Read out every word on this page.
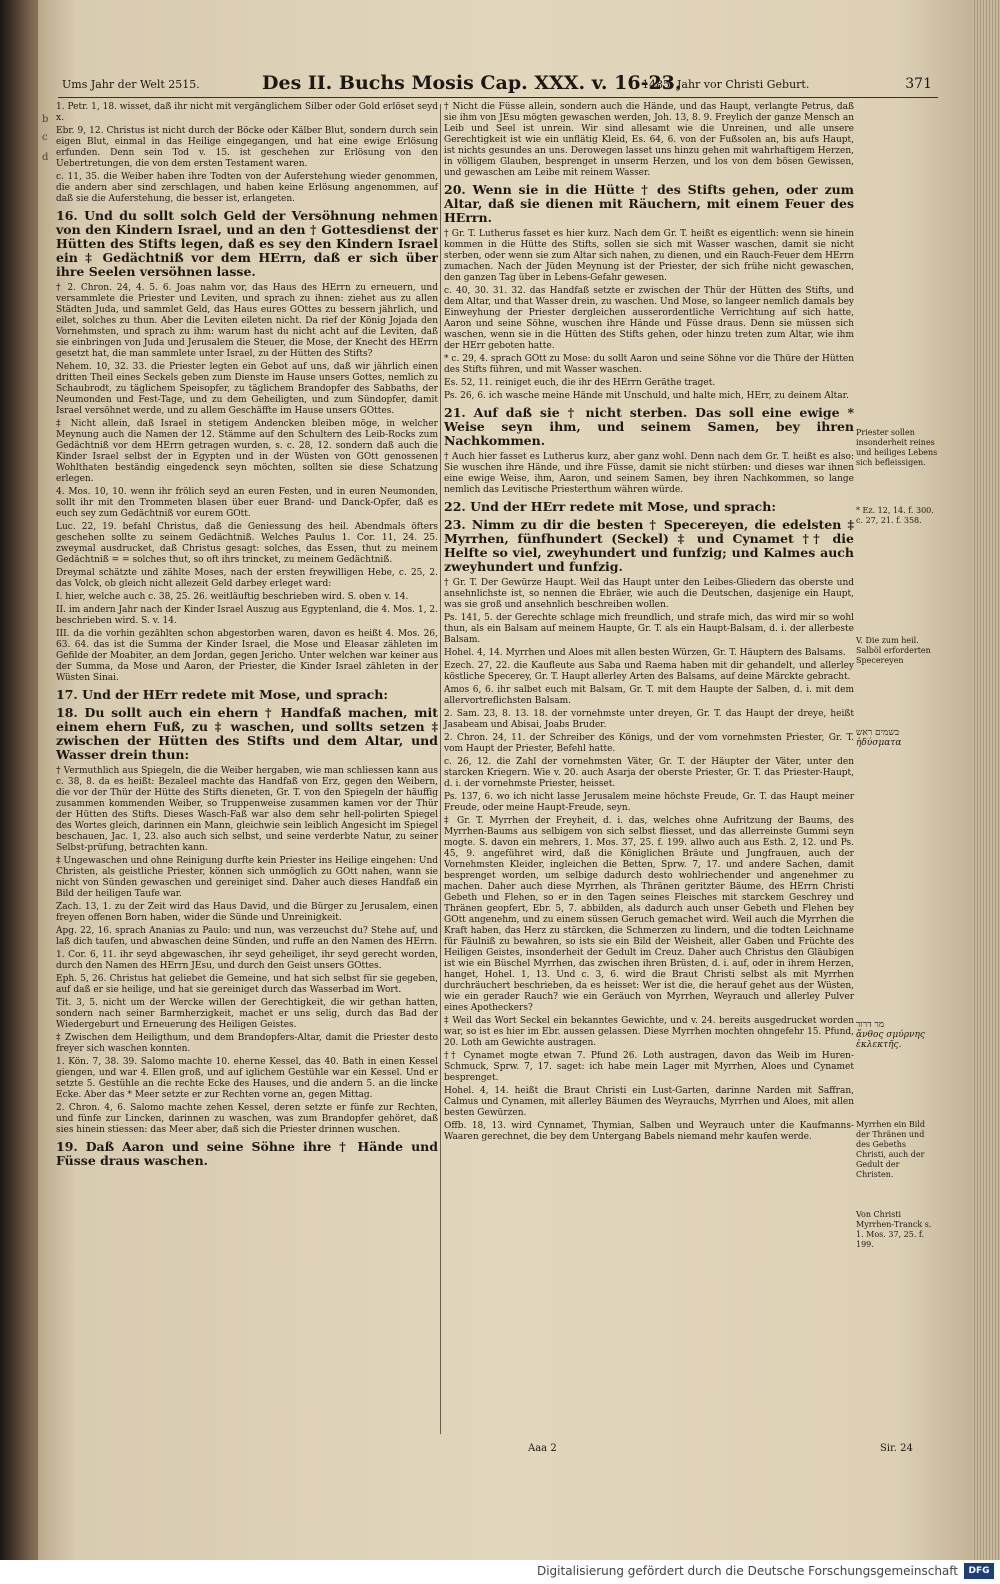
Ums Jahr der Welt 2515.	Des II. Buchs Mosis Cap. XXX. v. 16-23.
1485. Jahr vor Christi Geburt.	371
b
c
d
1. Petr. 1, 18. wisset, daß ihr nicht mit vergänglichem Silber oder Gold erlöset seyd x.
Ebr. 9, 12. Christus ist nicht durch der Böcke oder Kälber Blut, sondern durch sein eigen Blut, einmal in das Heilige eingegangen, und hat eine ewige Erlösung erfunden. Denn sein Tod v. 15. ist geschehen zur Erlösung von den Uebertretungen, die von dem ersten Testament waren.
c. 11, 35. die Weiber haben ihre Todten von der Auferstehung wieder genommen, die andern aber sind zerschlagen, und haben keine Erlösung angenommen, auf daß sie die Auferstehung, die besser ist, erlangeten.
16. Und du sollt solch Geld der Versöhnung nehmen von den Kindern Israel, und an den † Gottesdienst der Hütten des Stifts legen, daß es sey den Kindern Israel ein ‡ Gedächtniß vor dem HErrn, daß er sich über ihre Seelen versöhnen lasse.
† 2. Chron. 24, 4. 5. 6. Joas nahm vor, das Haus des HErrn zu erneuern, und versammlete die Priester und Leviten, und sprach zu ihnen: ziehet aus zu allen Städten Juda, und sammlet Geld, das Haus eures GOttes zu bessern jährlich, und eilet, solches zu thun. Aber die Leviten eileten nicht. Da rief der König Jojada den Vornehmsten, und sprach zu ihm: warum hast du nicht acht auf die Leviten, daß sie einbringen von Juda und Jerusalem die Steuer, die Mose, der Knecht des HErrn gesetzt hat, die man sammlete unter Israel, zu der Hütten des Stifts?
Nehem. 10, 32. 33. die Priester legten ein Gebot auf uns, daß wir jährlich einen dritten Theil eines Seckels geben zum Dienste im Hause unsers Gottes, nemlich zu Schaubrodt, zu täglichem Speisopfer, zu täglichem Brandopfer des Sabbaths, der Neumonden und Fest-Tage, und zu dem Geheiligten, und zum Sündopfer, damit Israel versöhnet werde, und zu allem Geschäffte im Hause unsers GOttes.
‡ Nicht allein, daß Israel in stetigem Andencken bleiben möge, in welcher Meynung auch die Namen der 12. Stämme auf den Schultern des Leib-Rocks zum Gedächtniß vor dem HErrn getragen wurden, s. c. 28, 12. sondern daß auch die Kinder Israel selbst der in Egypten und in der Wüsten von GOtt genossenen Wohlthaten beständig eingedenck seyn möchten, sollten sie diese Schatzung erlegen.
4. Mos. 10, 10. wenn ihr frölich seyd an euren Festen, und in euren Neumonden, sollt ihr mit den Trommeten blasen über euer Brand- und Danck-Opfer, daß es euch sey zum Gedächtniß vor eurem GOtt.
Luc. 22, 19. befahl Christus, daß die Geniessung des heil. Abendmals öfters geschehen sollte zu seinem Gedächtniß. Welches Paulus 1. Cor. 11, 24. 25. zweymal ausdrucket, daß Christus gesagt: solches, das Essen, thut zu meinem Gedächtniß = = solches thut, so oft ihrs trincket, zu meinem Gedächtniß.
Dreymal schätzte und zählte Moses, nach der ersten freywilligen Hebe, c. 25, 2. das Volck, ob gleich nicht allezeit Geld darbey erleget ward:
I. hier, welche auch c. 38, 25. 26. weitläuftig beschrieben wird. S. oben v. 14.
II. im andern Jahr nach der Kinder Israel Auszug aus Egyptenland, die 4. Mos. 1, 2. beschrieben wird. S. v. 14.
III. da die vorhin gezählten schon abgestorben waren, davon es heißt 4. Mos. 26, 63. 64. das ist die Summa der Kinder Israel, die Mose und Eleasar zähleten im Gefilde der Moabiter, an dem Jordan, gegen Jericho. Unter welchen war keiner aus der Summa, da Mose und Aaron, der Priester, die Kinder Israel zähleten in der Wüsten Sinai.
17. Und der HErr redete mit Mose, und sprach:
18. Du sollt auch ein ehern † Handfaß machen, mit einem ehern Fuß, zu ‡ waschen, und sollts setzen ‡ zwischen der Hütten des Stifts und dem Altar, und Wasser drein thun:
† Vermuthlich aus Spiegeln, die die Weiber hergaben, wie man schliessen kann aus c. 38, 8. da es heißt: Bezaleel machte das Handfaß von Erz, gegen den Weibern, die vor der Thür der Hütte des Stifts dieneten, Gr. T. von den Spiegeln der häuffig zusammen kommenden Weiber, so Truppenweise zusammen kamen vor der Thür der Hütten des Stifts. Dieses Wasch-Faß war also dem sehr hell-polirten Spiegel des Wortes gleich, darinnen ein Mann, gleichwie sein leiblich Angesicht im Spiegel beschauen, Jac. 1, 23. also auch sich selbst, und seine verderbte Natur, zu seiner Selbst-prüfung, betrachten kann.
‡ Ungewaschen und ohne Reinigung durfte kein Priester ins Heilige eingehen: Und Christen, als geistliche Priester, können sich unmöglich zu GOtt nahen, wann sie nicht von Sünden gewaschen und gereiniget sind. Daher auch dieses Handfaß ein Bild der heiligen Taufe war.
Zach. 13, 1. zu der Zeit wird das Haus David, und die Bürger zu Jerusalem, einen freyen offenen Born haben, wider die Sünde und Unreinigkeit.
Apg. 22, 16. sprach Ananias zu Paulo: und nun, was verzeuchst du? Stehe auf, und laß dich taufen, und abwaschen deine Sünden, und ruffe an den Namen des HErrn.
1. Cor. 6, 11. ihr seyd abgewaschen, ihr seyd geheiliget, ihr seyd gerecht worden, durch den Namen des HErrn JEsu, und durch den Geist unsers GOttes.
Eph. 5, 26. Christus hat geliebet die Gemeine, und hat sich selbst für sie gegeben, auf daß er sie heilige, und hat sie gereiniget durch das Wasserbad im Wort.
Tit. 3, 5. nicht um der Wercke willen der Gerechtigkeit, die wir gethan hatten, sondern nach seiner Barmherzigkeit, machet er uns selig, durch das Bad der Wiedergeburt und Erneuerung des Heiligen Geistes.
‡ Zwischen dem Heiligthum, und dem Brandopfers-Altar, damit die Priester desto freyer sich waschen konnten.
1. Kön. 7, 38. 39. Salomo machte 10. eherne Kessel, das 40. Bath in einen Kessel giengen, und war 4. Ellen groß, und auf iglichem Gestühle war ein Kessel. Und er setzte 5. Gestühle an die rechte Ecke des Hauses, und die andern 5. an die lincke Ecke. Aber das * Meer setzte er zur Rechten vorne an, gegen Mittag.
2. Chron. 4, 6. Salomo machte zehen Kessel, deren setzte er fünfe zur Rechten, und fünfe zur Lincken, darinnen zu waschen, was zum Brandopfer gehöret, daß sies hinein stiessen: das Meer aber, daß sich die Priester drinnen wuschen.
19. Daß Aaron und seine Söhne ihre † Hände und Füsse draus waschen.
† Nicht die Füsse allein, sondern auch die Hände, und das Haupt, verlangte Petrus, daß sie ihm von JEsu mögten gewaschen werden, Joh. 13, 8. 9. Freylich der ganze Mensch an Leib und Seel ist unrein. Wir sind allesamt wie die Unreinen, und alle unsere Gerechtigkeit ist wie ein unflätig Kleid, Es. 64, 6. von der Fußsolen an, bis aufs Haupt, ist nichts gesundes an uns. Derowegen lasset uns hinzu gehen mit wahrhaftigem Herzen, in völligem Glauben, besprenget in unserm Herzen, und los von dem bösen Gewissen, und gewaschen am Leibe mit reinem Wasser.
20. Wenn sie in die Hütte † des Stifts gehen, oder zum Altar, daß sie dienen mit Räuchern, mit einem Feuer des HErrn.
† Gr. T. Lutherus fasset es hier kurz. Nach dem Gr. T. heißt es eigentlich: wenn sie hinein kommen in die Hütte des Stifts, sollen sie sich mit Wasser waschen, damit sie nicht sterben, oder wenn sie zum Altar sich nahen, zu dienen, und ein Rauch-Feuer dem HErrn zumachen. Nach der Jüden Meynung ist der Priester, der sich frühe nicht gewaschen, den ganzen Tag über in Lebens-Gefahr gewesen.
c. 40, 30. 31. 32. das Handfaß setzte er zwischen der Thür der Hütten des Stifts, und dem Altar, und that Wasser drein, zu waschen. Und Mose, so langeer nemlich damals bey Einweyhung der Priester dergleichen ausserordentliche Verrichtung auf sich hatte, Aaron und seine Söhne, wuschen ihre Hände und Füsse draus. Denn sie müssen sich waschen, wenn sie in die Hütten des Stifts gehen, oder hinzu treten zum Altar, wie ihm der HErr geboten hatte.
* c. 29, 4. sprach GOtt zu Mose: du sollt Aaron und seine Söhne vor die Thüre der Hütten des Stifts führen, und mit Wasser waschen.
Es. 52, 11. reiniget euch, die ihr des HErrn Geräthe traget.
Ps. 26, 6. ich wasche meine Hände mit Unschuld, und halte mich, HErr, zu deinem Altar.
21. Auf daß sie † nicht sterben. Das soll eine ewige * Weise seyn ihm, und seinem Samen, bey ihren Nachkommen.
† Auch hier fasset es Lutherus kurz, aber ganz wohl. Denn nach dem Gr. T. heißt es also: Sie wuschen ihre Hände, und ihre Füsse, damit sie nicht stürben: und dieses war ihnen eine ewige Weise, ihm, Aaron, und seinem Samen, bey ihren Nachkommen, so lange nemlich das Levitische Priesterthum währen würde.
22. Und der HErr redete mit Mose, und sprach:
23. Nimm zu dir die besten † Specereyen, die edelsten ‡ Myrrhen, fünfhundert (Seckel) ‡ und Cynamet †† die Helfte so viel, zweyhundert und funfzig; und Kalmes auch zweyhundert und funfzig.
† Gr. T. Der Gewürze Haupt. Weil das Haupt unter den Leibes-Gliedern das oberste und ansehnlichste ist, so nennen die Ebräer, wie auch die Deutschen, dasjenige ein Haupt, was sie groß und ansehnlich beschreiben wollen.
Ps. 141, 5. der Gerechte schlage mich freundlich, und strafe mich, das wird mir so wohl thun, als ein Balsam auf meinem Haupte, Gr. T. als ein Haupt-Balsam, d. i. der allerbeste Balsam.
Hohel. 4, 14. Myrrhen und Aloes mit allen besten Würzen, Gr. T. Häuptern des Balsams.
Ezech. 27, 22. die Kaufleute aus Saba und Raema haben mit dir gehandelt, und allerley köstliche Specerey, Gr. T. Haupt allerley Arten des Balsams, auf deine Märckte gebracht.
Amos 6, 6. ihr salbet euch mit Balsam, Gr. T. mit dem Haupte der Salben, d. i. mit dem allervortreflichsten Balsam.
2. Sam. 23, 8. 13. 18. der vornehmste unter dreyen, Gr. T. das Haupt der dreye, heißt Jasabeam und Abisai, Joabs Bruder.
2. Chron. 24, 11. der Schreiber des Königs, und der vom vornehmsten Priester, Gr. T. vom Haupt der Priester, Befehl hatte.
c. 26, 12. die Zahl der vornehmsten Väter, Gr. T. der Häupter der Väter, unter den starcken Kriegern. Wie v. 20. auch Asarja der oberste Priester, Gr. T. das Priester-Haupt, d. i. der vornehmste Priester, heisset.
Ps. 137, 6. wo ich nicht lasse Jerusalem meine höchste Freude, Gr. T. das Haupt meiner Freude, oder meine Haupt-Freude, seyn.
‡ Gr. T. Myrrhen der Freyheit, d. i. das, welches ohne Aufritzung der Baums, des Myrrhen-Baums aus selbigem von sich selbst fliesset, und das allerreinste Gummi seyn mogte. S. davon ein mehrers, 1. Mos. 37, 25. f. 199. allwo auch aus Esth. 2, 12. und Ps. 45, 9. angeführet wird, daß die Königlichen Bräute und Jungfrauen, auch der Vornehmsten Kleider, ingleichen die Betten, Sprw. 7, 17. und andere Sachen, damit besprenget worden, um selbige dadurch desto wohlriechender und angenehmer zu machen. Daher auch diese Myrrhen, als Thränen geritzter Bäume, des HErrn Christi Gebeth und Flehen, so er in den Tagen seines Fleisches mit starckem Geschrey und Thränen geopfert, Ebr. 5, 7. abbilden, als dadurch auch unser Gebeth und Flehen bey GOtt angenehm, und zu einem süssen Geruch gemachet wird. Weil auch die Myrrhen die Kraft haben, das Herz zu stärcken, die Schmerzen zu lindern, und die todten Leichname für Fäulniß zu bewahren, so ists sie ein Bild der Weisheit, aller Gaben und Früchte des Heiligen Geistes, insonderheit der Gedult im Creuz. Daher auch Christus den Gläubigen ist wie ein Büschel Myrrhen, das zwischen ihren Brüsten, d. i. auf, oder in ihrem Herzen, hanget, Hohel. 1, 13. Und c. 3, 6. wird die Braut Christi selbst als mit Myrrhen durchräuchert beschrieben, da es heisset: Wer ist die, die herauf gehet aus der Wüsten, wie ein gerader Rauch? wie ein Geräuch von Myrrhen, Weyrauch und allerley Pulver eines Apotheckers?
‡ Weil das Wort Seckel ein bekanntes Gewichte, und v. 24. bereits ausgedrucket worden war, so ist es hier im Ebr. aussen gelassen. Diese Myrrhen mochten ohngefehr 15. Pfund, 20. Loth am Gewichte austragen.
†† Cynamet mogte etwan 7. Pfund 26. Loth austragen, davon das Weib im Huren-Schmuck, Sprw. 7, 17. saget: ich habe mein Lager mit Myrrhen, Aloes und Cynamet besprenget.
Hohel. 4, 14. heißt die Braut Christi ein Lust-Garten, darinne Narden mit Saffran, Calmus und Cynamen, mit allerley Bäumen des Weyrauchs, Myrrhen und Aloes, mit allen besten Gewürzen.
Offb. 18, 13. wird Cynnamet, Thymian, Salben und Weyrauch unter die Kaufmanns-Waaren gerechnet, die bey dem Untergang Babels niemand mehr kaufen werde.
Priester sollen insonderheit reines und heiliges Lebens sich befleissigen.
* Ez. 12, 14. f. 300. c. 27, 21. f. 358.
V. Die zum heil. Salböl erforderten Specereyen
בשמים ראש
ἡδύσματα
מר דרור
ἄνθος σμύρνης ἐκλεκτῆς.
Myrrhen ein Bild der Thränen und des Gebeths Christi, auch der Gedult der Christen.
Von Christi Myrrhen-Tranck s. 1. Mos. 37, 25. f. 199.
Aaa 2	Sir. 24
Digitalisierung gefördert durch die Deutsche Forschungsgemeinschaft	DFG
